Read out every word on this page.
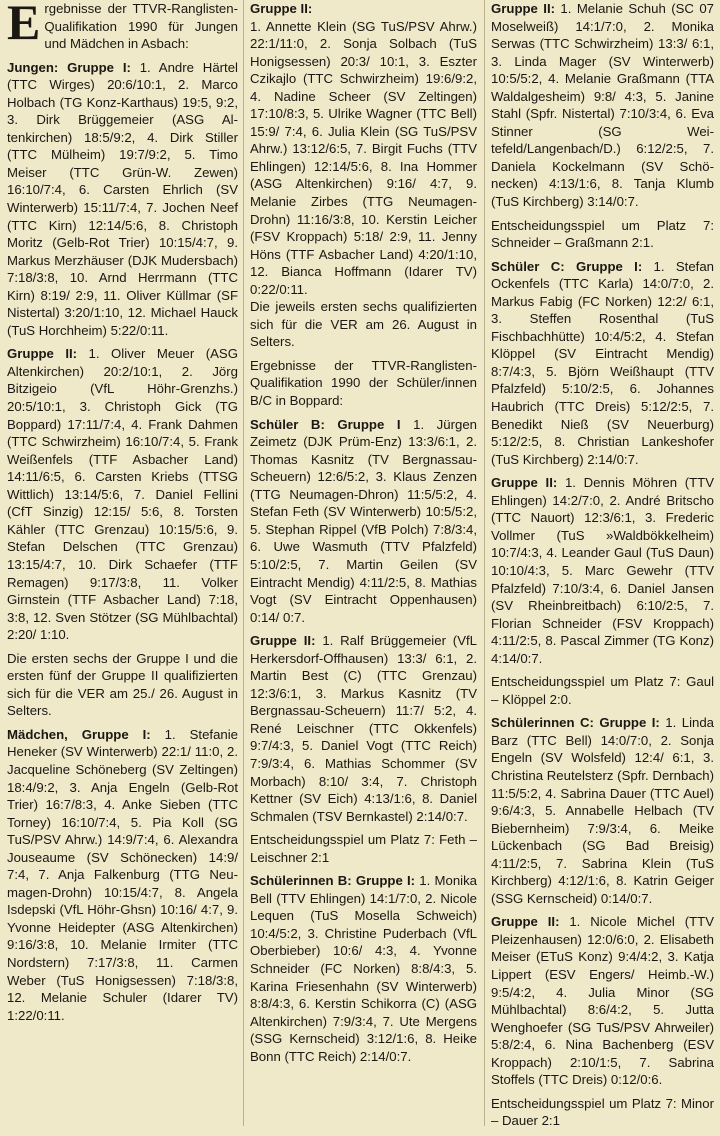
Ergebnisse der TTVR-Ranglisten-Qualifikation 1990 für Jungen und Mädchen in Asbach:

Jungen: Gruppe I: 1. Andre Härtel (TTC Wirges) 20:6/10:1, 2. Marco Holbach (TG Konz-Karthaus) 19:5, 9:2, 3. Dirk Brüggemeier (ASG Altenkirchen) 18:5/9:2, 4. Dirk Stiller (TTC Mülheim) 19:7/9:2, 5. Timo Meiser (TTC Grün-W. Zewen) 16:10/7:4, 6. Carsten Ehrlich (SV Winterwerb) 15:11/7:4, 7. Jochen Neef (TTC Kirn) 12:14/5:6, 8. Christoph Moritz (Gelb-Rot Trier) 10:15/4:7, 9. Markus Merzhäuser (DJK Mudersbach) 7:18/3:8, 10. Arnd Herrmann (TTC Kirn) 8:19/ 2:9, 11. Oliver Küllmar (SF Nistertal) 3:20/1:10, 12. Michael Hauck (TuS Horchheim) 5:22/0:11.

Gruppe II: 1. Oliver Meuer (ASG Altenkirchen) 20:2/10:1, 2. Jörg Bitzigeio (VfL Höhr-Grenzhs.) 20:5/10:1, 3. Christoph Gick (TG Boppard) 17:11/7:4, 4. Frank Dahmen (TTC Schwirzheim) 16:10/7:4, 5. Frank Weißenfels (TTF Asbacher Land) 14:11/6:5, 6. Carsten Kriebs (TTSG Wittlich) 13:14/5:6, 7. Daniel Fellini (CfT Sinzig) 12:15/ 5:6, 8. Torsten Kähler (TTC Grenzau) 10:15/5:6, 9. Stefan Delschen (TTC Grenzau) 13:15/4:7, 10. Dirk Schaefer (TTF Remagen) 9:17/3:8, 11. Volker Girnstein (TTF Asbacher Land) 7:18, 3:8, 12. Sven Stötzer (SG Mühlbachtal) 2:20/ 1:10.

Die ersten sechs der Gruppe I und die ersten fünf der Gruppe II qualifizierten sich für die VER am 25./ 26. August in Selters.

Mädchen, Gruppe I: 1. Stefanie Heneker (SV Winterwerb) 22:1/ 11:0, 2. Jacqueline Schöneberg (SV Zeltingen) 18:4/9:2, 3. Anja Engeln (Gelb-Rot Trier) 16:7/8:3, 4. Anke Sieben (TTC Torney) 16:10/7:4, 5. Pia Koll (SG TuS/PSV Ahrw.) 14:9/7:4, 6. Alexandra Jouseaume (SV Schönecken) 14:9/ 7:4, 7. Anja Falkenburg (TTG Neumagen-Drohn) 10:15/4:7, 8. Angela Isdepski (VfL Höhr-Ghsn) 10:16/ 4:7, 9. Yvonne Heidepter (ASG Altenkirchen) 9:16/3:8, 10. Melanie Irmiter (TTC Nordstern) 7:17/3:8, 11. Carmen Weber (TuS Honigsessen) 7:18/3:8, 12. Melanie Schuler (Idarer TV) 1:22/0:11.

Gruppe II:

1. Annette Klein (SG TuS/PSV Ahrw.) 22:1/11:0, 2. Sonja Solbach (TuS Honigsessen) 20:3/ 10:1, 3. Eszter Czikajlo (TTC Schwirzheim) 19:6/9:2, 4. Nadine Scheer (SV Zeltingen) 17:10/8:3, 5. Ulrike Wagner (TTC Bell) 15:9/ 7:4, 6. Julia Klein (SG TuS/PSV Ahrw.) 13:12/6:5, 7. Birgit Fuchs (TTV Ehlingen) 12:14/5:6, 8. Ina Hommer (ASG Altenkirchen) 9:16/ 4:7, 9. Melanie Zirbes (TTG Neumagen-Drohn) 11:16/3:8, 10. Kerstin Leicher (FSV Kroppach) 5:18/ 2:9, 11. Jenny Höns (TTF Asbacher Land) 4:20/1:10, 12. Bianca Hoffmann (Idarer TV) 0:22/0:11.

Die jeweils ersten sechs qualifizierten sich für die VER am 26. August in Selters.

Ergebnisse der TTVR-Ranglisten-Qualifikation 1990 der Schüler/innen B/C in Boppard:

Schüler B: Gruppe I 1. Jürgen Zeimetz (DJK Prüm-Enz) 13:3/6:1, 2. Thomas Kasnitz (TV Bergnassau-Scheuern) 12:6/5:2, 3. Klaus Zenzen (TTG Neumagen-Dhron) 11:5/5:2, 4. Stefan Feth (SV Winterwerb) 10:5/5:2, 5. Stephan Rippel (VfB Polch) 7:8/3:4, 6. Uwe Wasmuth (TTV Pfalzfeld) 5:10/2:5, 7. Martin Geilen (SV Eintracht Mendig) 4:11/2:5, 8. Mathias Vogt (SV Eintracht Oppenhausen) 0:14/ 0:7.

Gruppe II: 1. Ralf Brüggemeier (VfL Herkersdorf-Offhausen) 13:3/ 6:1, 2. Martin Best (C) (TTC Grenzau) 12:3/6:1, 3. Markus Kasnitz (TV Bergnassau-Scheuern) 11:7/ 5:2, 4. René Leischner (TTC Okkenfels) 9:7/4:3, 5. Daniel Vogt (TTC Reich) 7:9/3:4, 6. Mathias Schommer (SV Morbach) 8:10/ 3:4, 7. Christoph Kettner (SV Eich) 4:13/1:6, 8. Daniel Schmalen (TSV Bernkastel) 2:14/0:7.

Entscheidungsspiel um Platz 7: Feth – Leischner 2:1

Schülerinnen B: Gruppe I: 1. Monika Bell (TTV Ehlingen) 14:1/7:0, 2. Nicole Lequen (TuS Mosella Schweich) 10:4/5:2, 3. Christine Puderbach (VfL Oberbieber) 10:6/ 4:3, 4. Yvonne Schneider (FC Norken) 8:8/4:3, 5. Karina Friesenhahn (SV Winterwerb) 8:8/4:3, 6. Kerstin Schikorra (C) (ASG Altenkirchen) 7:9/3:4, 7. Ute Mergens (SSG Kernscheid) 3:12/1:6, 8. Heike Bonn (TTC Reich) 2:14/0:7.

Gruppe II: 1. Melanie Schuh (SC 07 Moselweiß) 14:1/7:0, 2. Monika Serwas (TTC Schwirzheim) 13:3/ 6:1, 3. Linda Mager (SV Winterwerb) 10:5/5:2, 4. Melanie Graßmann (TTA Waldalgesheim) 9:8/ 4:3, 5. Janine Stahl (Spfr. Nistertal) 7:10/3:4, 6. Eva Stinner (SG Weitefeld/Langenbach/D.) 6:12/2:5, 7. Daniela Kockelmann (SV Schönecken) 4:13/1:6, 8. Tanja Klumb (TuS Kirchberg) 3:14/0:7.

Entscheidungsspiel um Platz 7: Schneider – Graßmann 2:1.

Schüler C: Gruppe I: 1. Stefan Ockenfels (TTC Karla) 14:0/7:0, 2. Markus Fabig (FC Norken) 12:2/ 6:1, 3. Steffen Rosenthal (TuS Fischbachhütte) 10:4/5:2, 4. Stefan Klöppel (SV Eintracht Mendig) 8:7/4:3, 5. Björn Weißhaupt (TTV Pfalzfeld) 5:10/2:5, 6. Johannes Haubrich (TTC Dreis) 5:12/2:5, 7. Benedikt Nieß (SV Neuerburg) 5:12/2:5, 8. Christian Lankeshofer (TuS Kirchberg) 2:14/0:7.

Gruppe II: 1. Dennis Möhren (TTV Ehlingen) 14:2/7:0, 2. André Britscho (TTC Nauort) 12:3/6:1, 3. Frederic Vollmer (TuS »Waldbökkelheim) 10:7/4:3, 4. Leander Gaul (TuS Daun) 10:10/4:3, 5. Marc Gewehr (TTV Pfalzfeld) 7:10/3:4, 6. Daniel Jansen (SV Rheinbreitbach) 6:10/2:5, 7. Florian Schneider (FSV Kroppach) 4:11/2:5, 8. Pascal Zimmer (TG Konz) 4:14/0:7.

Entscheidungsspiel um Platz 7: Gaul – Klöppel 2:0.

Schülerinnen C: Gruppe I: 1. Linda Barz (TTC Bell) 14:0/7:0, 2. Sonja Engeln (SV Wolsfeld) 12:4/ 6:1, 3. Christina Reutelsterz (Spfr. Dernbach) 11:5/5:2, 4. Sabrina Dauer (TTC Auel) 9:6/4:3, 5. Annabelle Helbach (TV Biebernheim) 7:9/3:4, 6. Meike Lückenbach (SG Bad Breisig) 4:11/2:5, 7. Sabrina Klein (TuS Kirchberg) 4:12/1:6, 8. Katrin Geiger (SSG Kernscheid) 0:14/0:7.

Gruppe II: 1. Nicole Michel (TTV Pleizenhausen) 12:0/6:0, 2. Elisabeth Meiser (ETuS Konz) 9:4/4:2, 3. Katja Lippert (ESV Engers/ Heimb.-W.) 9:5/4:2, 4. Julia Minor (SG Mühlbachtal) 8:6/4:2, 5. Jutta Wenghoefer (SG TuS/PSV Ahrweiler) 5:8/2:4, 6. Nina Bachenberg (ESV Kroppach) 2:10/1:5, 7. Sabrina Stoffels (TTC Dreis) 0:12/0:6.

Entscheidungsspiel um Platz 7: Minor – Dauer 2:1
